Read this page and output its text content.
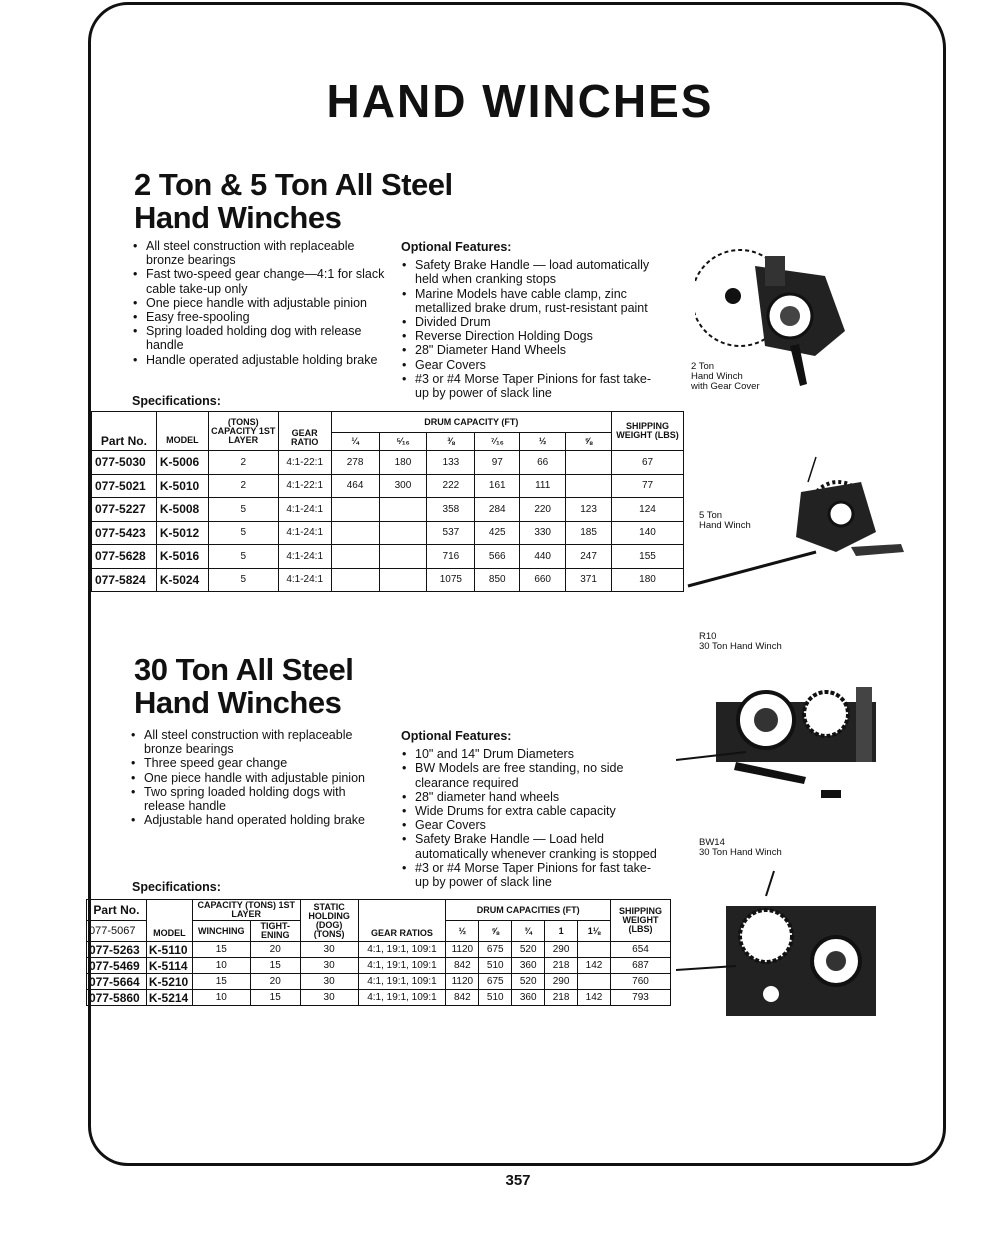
HAND WINCHES
2 Ton & 5 Ton All Steel
Hand Winches
• All steel construction with replaceable bronze bearings
• Fast two-speed gear change—4:1 for slack cable take-up only
• One piece handle with adjustable pinion
• Easy free-spooling
• Spring loaded holding dog with release handle
• Handle operated adjustable holding brake
Optional Features:
• Safety Brake Handle — load automatically held when cranking stops
• Marine Models have cable clamp, zinc metallized brake drum, rust-resistant paint
• Divided Drum
• Reverse Direction Holding Dogs
• 28" Diameter Hand Wheels
• Gear Covers
• #3 or #4 Morse Taper Pinions for fast take-up by power of slack line
Specifications:
Part No.	MODEL	(TONS) CAPACITY 1ST LAYER	GEAR RATIO	DRUM CAPACITY (FT)						SHIPPING WEIGHT (LBS)
				¼	⁵⁄₁₆	⅜	⁷⁄₁₆	½	⅝	
077-5030	K-5006	2	4:1-22:1	278	180	133	97	66		67
077-5021	K-5010	2	4:1-22:1	464	300	222	161	111		77
077-5227	K-5008	5	4:1-24:1			358	284	220	123	124
077-5423	K-5012	5	4:1-24:1			537	425	330	185	140
077-5628	K-5016	5	4:1-24:1			716	566	440	247	155
077-5824	K-5024	5	4:1-24:1			1075	850	660	371	180
2 Ton
Hand Winch
with Gear Cover
5 Ton
Hand Winch
R10
30 Ton Hand Winch
BW14
30 Ton Hand Winch
30 Ton All Steel
Hand Winches
• All steel construction with replaceable bronze bearings
• Three speed gear change
• One piece handle with adjustable pinion
• Two spring loaded holding dogs with release handle
• Adjustable hand operated holding brake
Optional Features:
• 10" and 14" Drum Diameters
• BW Models are free standing, no side clearance required
• 28" diameter hand wheels
• Wide Drums for extra cable capacity
• Gear Covers
• Safety Brake Handle — Load held automatically whenever cranking is stopped
• #3 or #4 Morse Taper Pinions for fast take-up by power of slack line
Specifications:
Part No.	MODEL	CAPACITY (TONS) 1ST LAYER		STATIC HOLDING (DOG) (TONS)	GEAR RATIOS	DRUM CAPACITIES (FT)					SHIPPING WEIGHT (LBS)
077-5067		WINCHING	TIGHT-ENING			½	⅝	¾	1	1⅛	
077-5263	K-5110	15	20	30	4:1, 19:1, 109:1	1120	675	520	290		654
077-5469	K-5114	10	15	30	4:1, 19:1, 109:1	842	510	360	218	142	687
077-5664	K-5210	15	20	30	4:1, 19:1, 109:1	1120	675	520	290		760
077-5860	K-5214	10	15	30	4:1, 19:1, 109:1	842	510	360	218	142	793
357
